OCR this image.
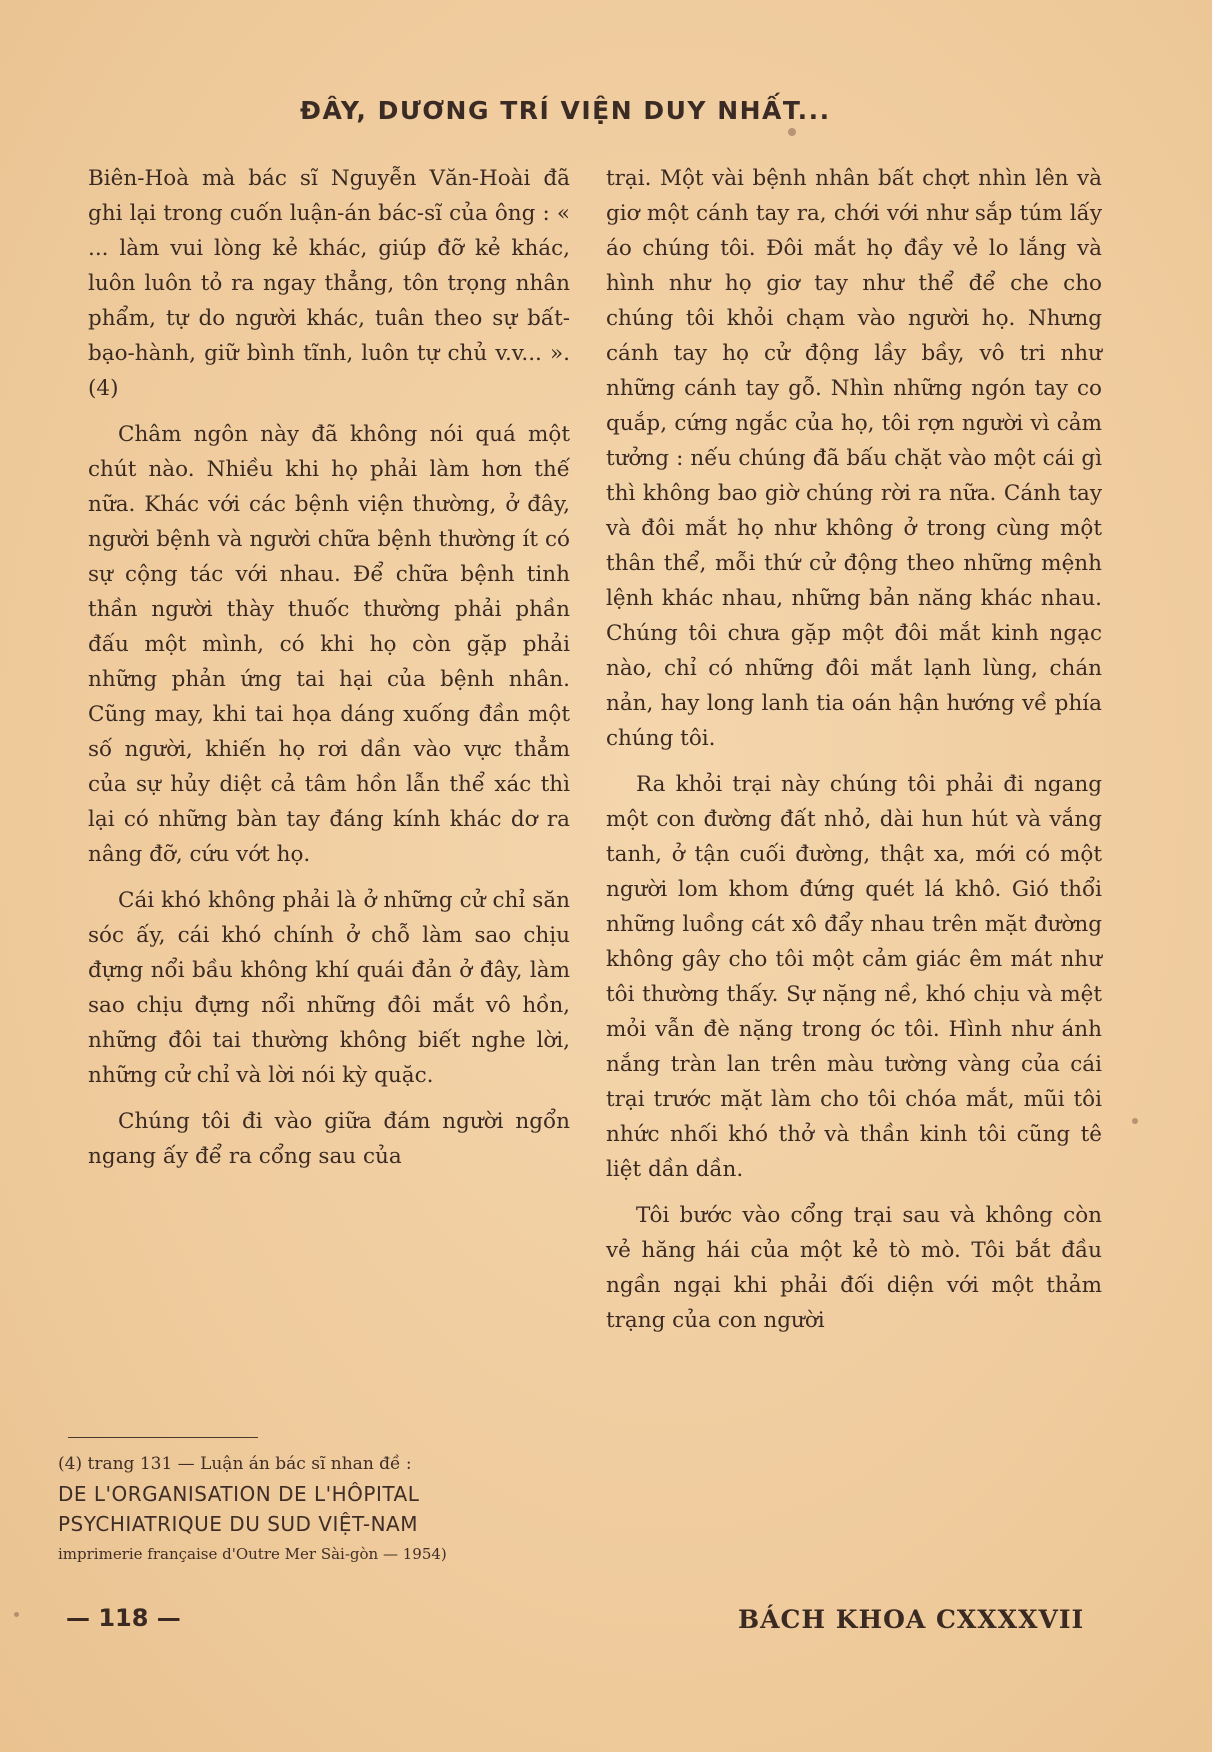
ĐÂY, DƯƠNG TRÍ VIỆN DUY NHẤT...

Biên-Hoà mà bác sĩ Nguyễn Văn-Hoài đã ghi lại trong cuốn luận-án bác-sĩ của ông : « ... làm vui lòng kẻ khác, giúp đỡ kẻ khác, luôn luôn tỏ ra ngay thẳng, tôn trọng nhân phẩm, tự do người khác, tuân theo sự bất-bạo-hành, giữ bình tĩnh, luôn tự chủ v.v... ». (4)

Châm ngôn này đã không nói quá một chút nào. Nhiều khi họ phải làm hơn thế nữa. Khác với các bệnh viện thường, ở đây, người bệnh và người chữa bệnh thường ít có sự cộng tác với nhau. Để chữa bệnh tinh thần người thày thuốc thường phải phần đấu một mình, có khi họ còn gặp phải những phản ứng tai hại của bệnh nhân. Cũng may, khi tai họa dáng xuống đần một số người, khiến họ rơi dần vào vực thẳm của sự hủy diệt cả tâm hồn lẫn thể xác thì lại có những bàn tay đáng kính khác dơ ra nâng đỡ, cứu vớt họ.

Cái khó không phải là ở những cử chỉ săn sóc ấy, cái khó chính ở chỗ làm sao chịu đựng nổi bầu không khí quái đản ở đây, làm sao chịu đựng nổi những đôi mắt vô hồn, những đôi tai thường không biết nghe lời, những cử chỉ và lời nói kỳ quặc.

Chúng tôi đi vào giữa đám người ngổn ngang ấy để ra cổng sau của

trại. Một vài bệnh nhân bất chợt nhìn lên và giơ một cánh tay ra, chới với như sắp túm lấy áo chúng tôi. Đôi mắt họ đầy vẻ lo lắng và hình như họ giơ tay như thể để che cho chúng tôi khỏi chạm vào người họ. Nhưng cánh tay họ cử động lầy bầy, vô tri như những cánh tay gỗ. Nhìn những ngón tay co quắp, cứng ngắc của họ, tôi rợn người vì cảm tưởng : nếu chúng đã bấu chặt vào một cái gì thì không bao giờ chúng rời ra nữa. Cánh tay và đôi mắt họ như không ở trong cùng một thân thể, mỗi thứ cử động theo những mệnh lệnh khác nhau, những bản năng khác nhau. Chúng tôi chưa gặp một đôi mắt kinh ngạc nào, chỉ có những đôi mắt lạnh lùng, chán nản, hay long lanh tia oán hận hướng về phía chúng tôi.

Ra khỏi trại này chúng tôi phải đi ngang một con đường đất nhỏ, dài hun hút và vắng tanh, ở tận cuối đường, thật xa, mới có một người lom khom đứng quét lá khô. Gió thổi những luồng cát xô đẩy nhau trên mặt đường không gây cho tôi một cảm giác êm mát như tôi thường thấy. Sự nặng nề, khó chịu và mệt mỏi vẫn đè nặng trong óc tôi. Hình như ánh nắng tràn lan trên màu tường vàng của cái trại trước mặt làm cho tôi chóa mắt, mũi tôi nhức nhối khó thở và thần kinh tôi cũng tê liệt dần dần.

Tôi bước vào cổng trại sau và không còn vẻ hăng hái của một kẻ tò mò. Tôi bắt đầu ngần ngại khi phải đối diện với một thảm trạng của con người

(4) trang 131 — Luận án bác sĩ nhan đề :
DE L'ORGANISATION DE L'HÔPITAL
PSYCHIATRIQUE DU SUD VIỆT-NAM
imprimerie française d'Outre Mer Sài-gòn — 1954)
— 118 —	BÁCH KHOA CXXXXVII
